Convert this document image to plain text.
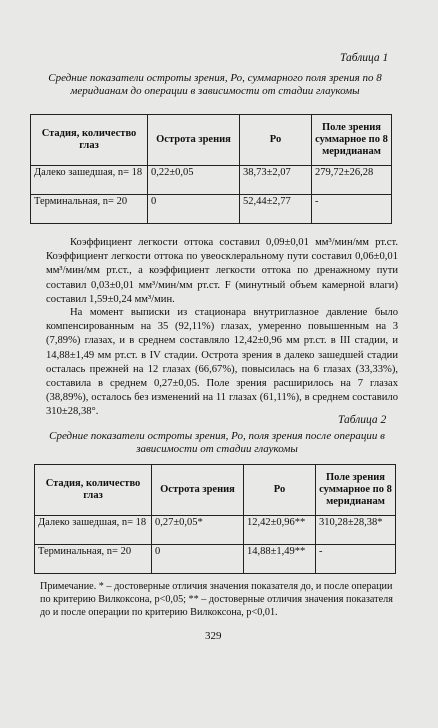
Таблица 1
Средние показатели остроты зрения, Ро, суммарного поля зрения по 8 меридианам до операции в зависимости от стадии глаукомы
Стадия, количество глаз	Острота зрения	Ро	Поле зрения суммарное по 8 меридианам
Далеко зашедшая, n= 18	0,22±0,05	38,73±2,07	279,72±26,28
Терминальная, n= 20	0	52,44±2,77	-

Коэффициент легкости оттока составил 0,09±0,01 мм³/мин/мм рт.ст. Коэффициент легкости оттока по увеосклеральному пути составил 0,06±0,01 мм³/мин/мм рт.ст., а коэффициент легкости оттока по дренажному пути составил 0,03±0,01 мм³/мин/мм рт.ст. F (минутный объем камерной влаги) составил 1,59±0,24 мм³/мин.

На момент выписки из стационара внутриглазное давление было компенсированным на 35 (92,11%) глазах, умеренно повышенным на 3 (7,89%) глазах, и в среднем составляло 12,42±0,96 мм рт.ст. в III стадии, и 14,88±1,49 мм рт.ст. в IV стадии. Острота зрения в далеко зашедшей стадии осталась прежней на 12 глазах (66,67%), повысилась на 6 глазах (33,33%), составила в среднем 0,27±0,05. Поле зрения расширилось на 7 глазах (38,89%), осталось без изменений на 11 глазах (61,11%), в среднем составило 310±28,38°.

Таблица 2
Средние показатели остроты зрения, Ро, поля зрения после операции в зависимости от стадии глаукомы
Стадия, количество глаз	Острота зрения	Ро	Поле зрения суммарное по 8 меридианам
Далеко зашедшая, n= 18	0,27±0,05*	12,42±0,96**	310,28±28,38*
Терминальная, n= 20	0	14,88±1,49**	-
Примечание. * – достоверные отличия значения показателя до, и после операции по критерию Вилкоксона, p<0,05; ** – достоверные отличия значения показателя до и после операции по критерию Вилкоксона, p<0,01.
329
